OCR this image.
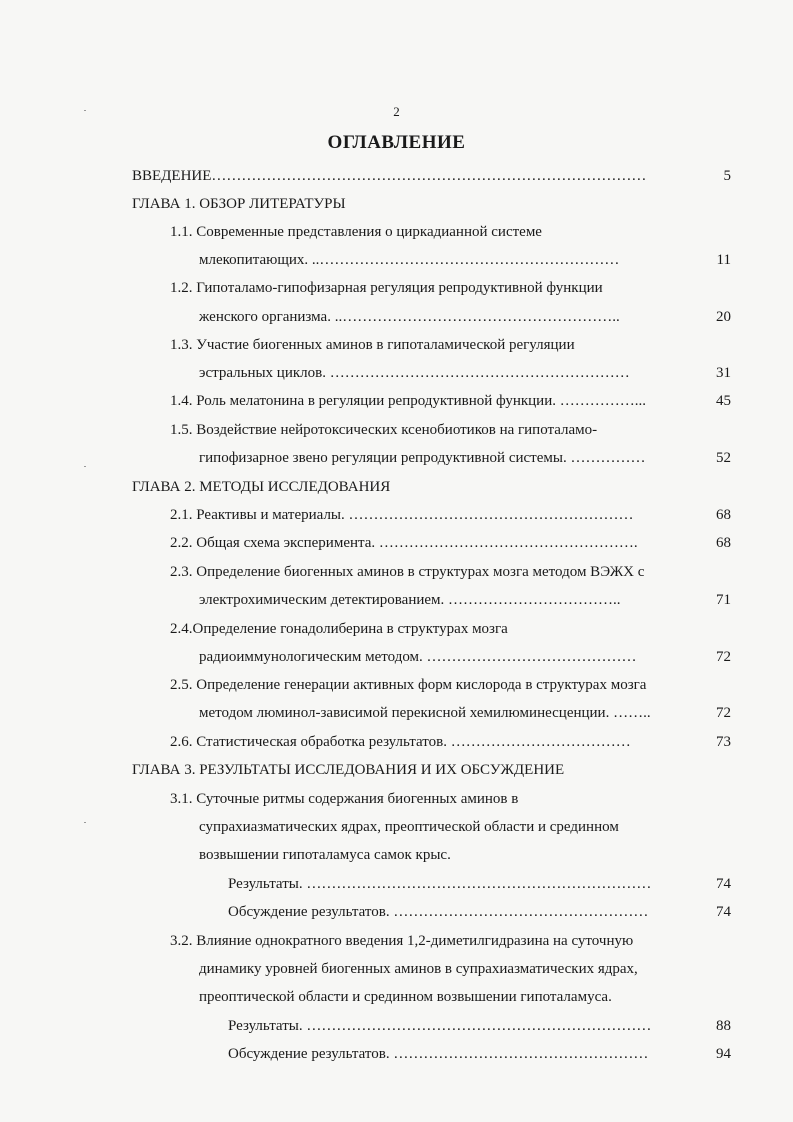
2
ОГЛАВЛЕНИЕ
ВВЕДЕНИЕ……………………………………………………………………………	5
ГЛАВА 1. ОБЗОР ЛИТЕРАТУРЫ
1.1. Современные представления о циркадианной системе
млекопитающих. ..……………………………………………………	11
1.2. Гипоталамо-гипофизарная регуляция репродуктивной функции
женского организма. ..………………………………………………..	20
1.3. Участие биогенных аминов в гипоталамической регуляции
эстральных циклов. ……………………………………………………	31
1.4. Роль мелатонина в регуляции репродуктивной функции. ……………...	45
1.5. Воздействие нейротоксических ксенобиотиков на гипоталамо-
гипофизарное звено регуляции репродуктивной системы. ……………	52
ГЛАВА 2. МЕТОДЫ ИССЛЕДОВАНИЯ
2.1. Реактивы и материалы. …………………………………………………	68
2.2. Общая схема эксперимента. …………………………………………….	68
2.3. Определение биогенных аминов в структурах мозга методом ВЭЖХ с
электрохимическим детектированием. ……………………………..	71
2.4.Определение гонадолиберина в структурах мозга
радиоиммунологическим методом. ……………………………………	72
2.5. Определение генерации активных форм кислорода в структурах мозга
методом люминол-зависимой перекисной хемилюминесценции. ……..	72
2.6. Статистическая обработка результатов. ………………………………	73
ГЛАВА 3. РЕЗУЛЬТАТЫ ИССЛЕДОВАНИЯ И ИХ ОБСУЖДЕНИЕ
3.1. Суточные ритмы содержания биогенных аминов в
супрахиазматических ядрах, преоптической области и срединном
возвышении гипоталамуса самок крыс.
Результаты. ……………………………………………………………	74
Обсуждение результатов. ……………………………………………	74
3.2. Влияние однократного введения 1,2-диметилгидразина на суточную
динамику уровней биогенных аминов в супрахиазматических ядрах,
преоптической области и срединном возвышении гипоталамуса.
Результаты. ……………………………………………………………	88
Обсуждение результатов. ……………………………………………	94
